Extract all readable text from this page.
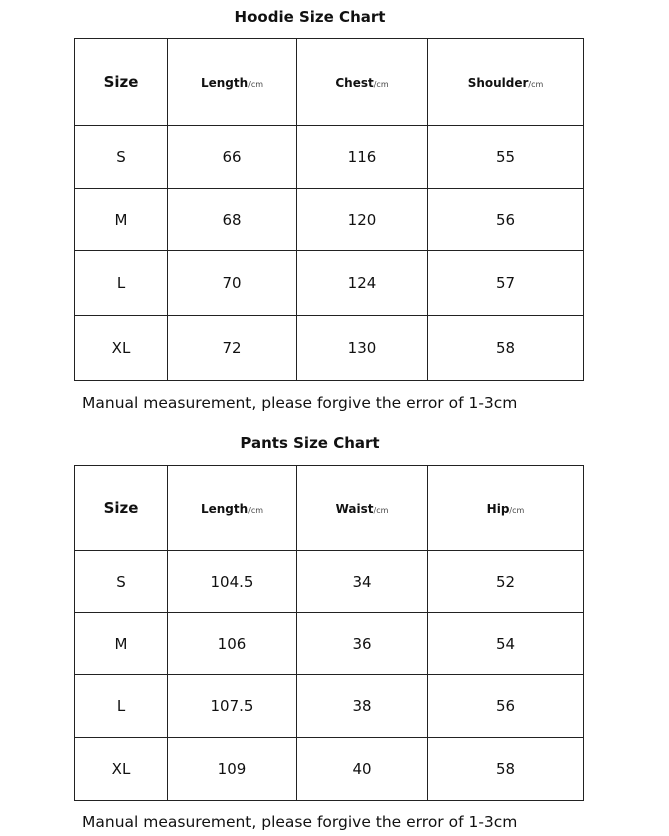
Hoodie Size Chart
Size	Length/cm	Chest/cm	Shoulder/cm
S	66	116	55
M	68	120	56
L	70	124	57
XL	72	130	58
Manual measurement, please forgive the error of 1-3cm
Pants Size Chart
Size	Length/cm	Waist/cm	Hip/cm
S	104.5	34	52
M	106	36	54
L	107.5	38	56
XL	109	40	58
Manual measurement, please forgive the error of 1-3cm
